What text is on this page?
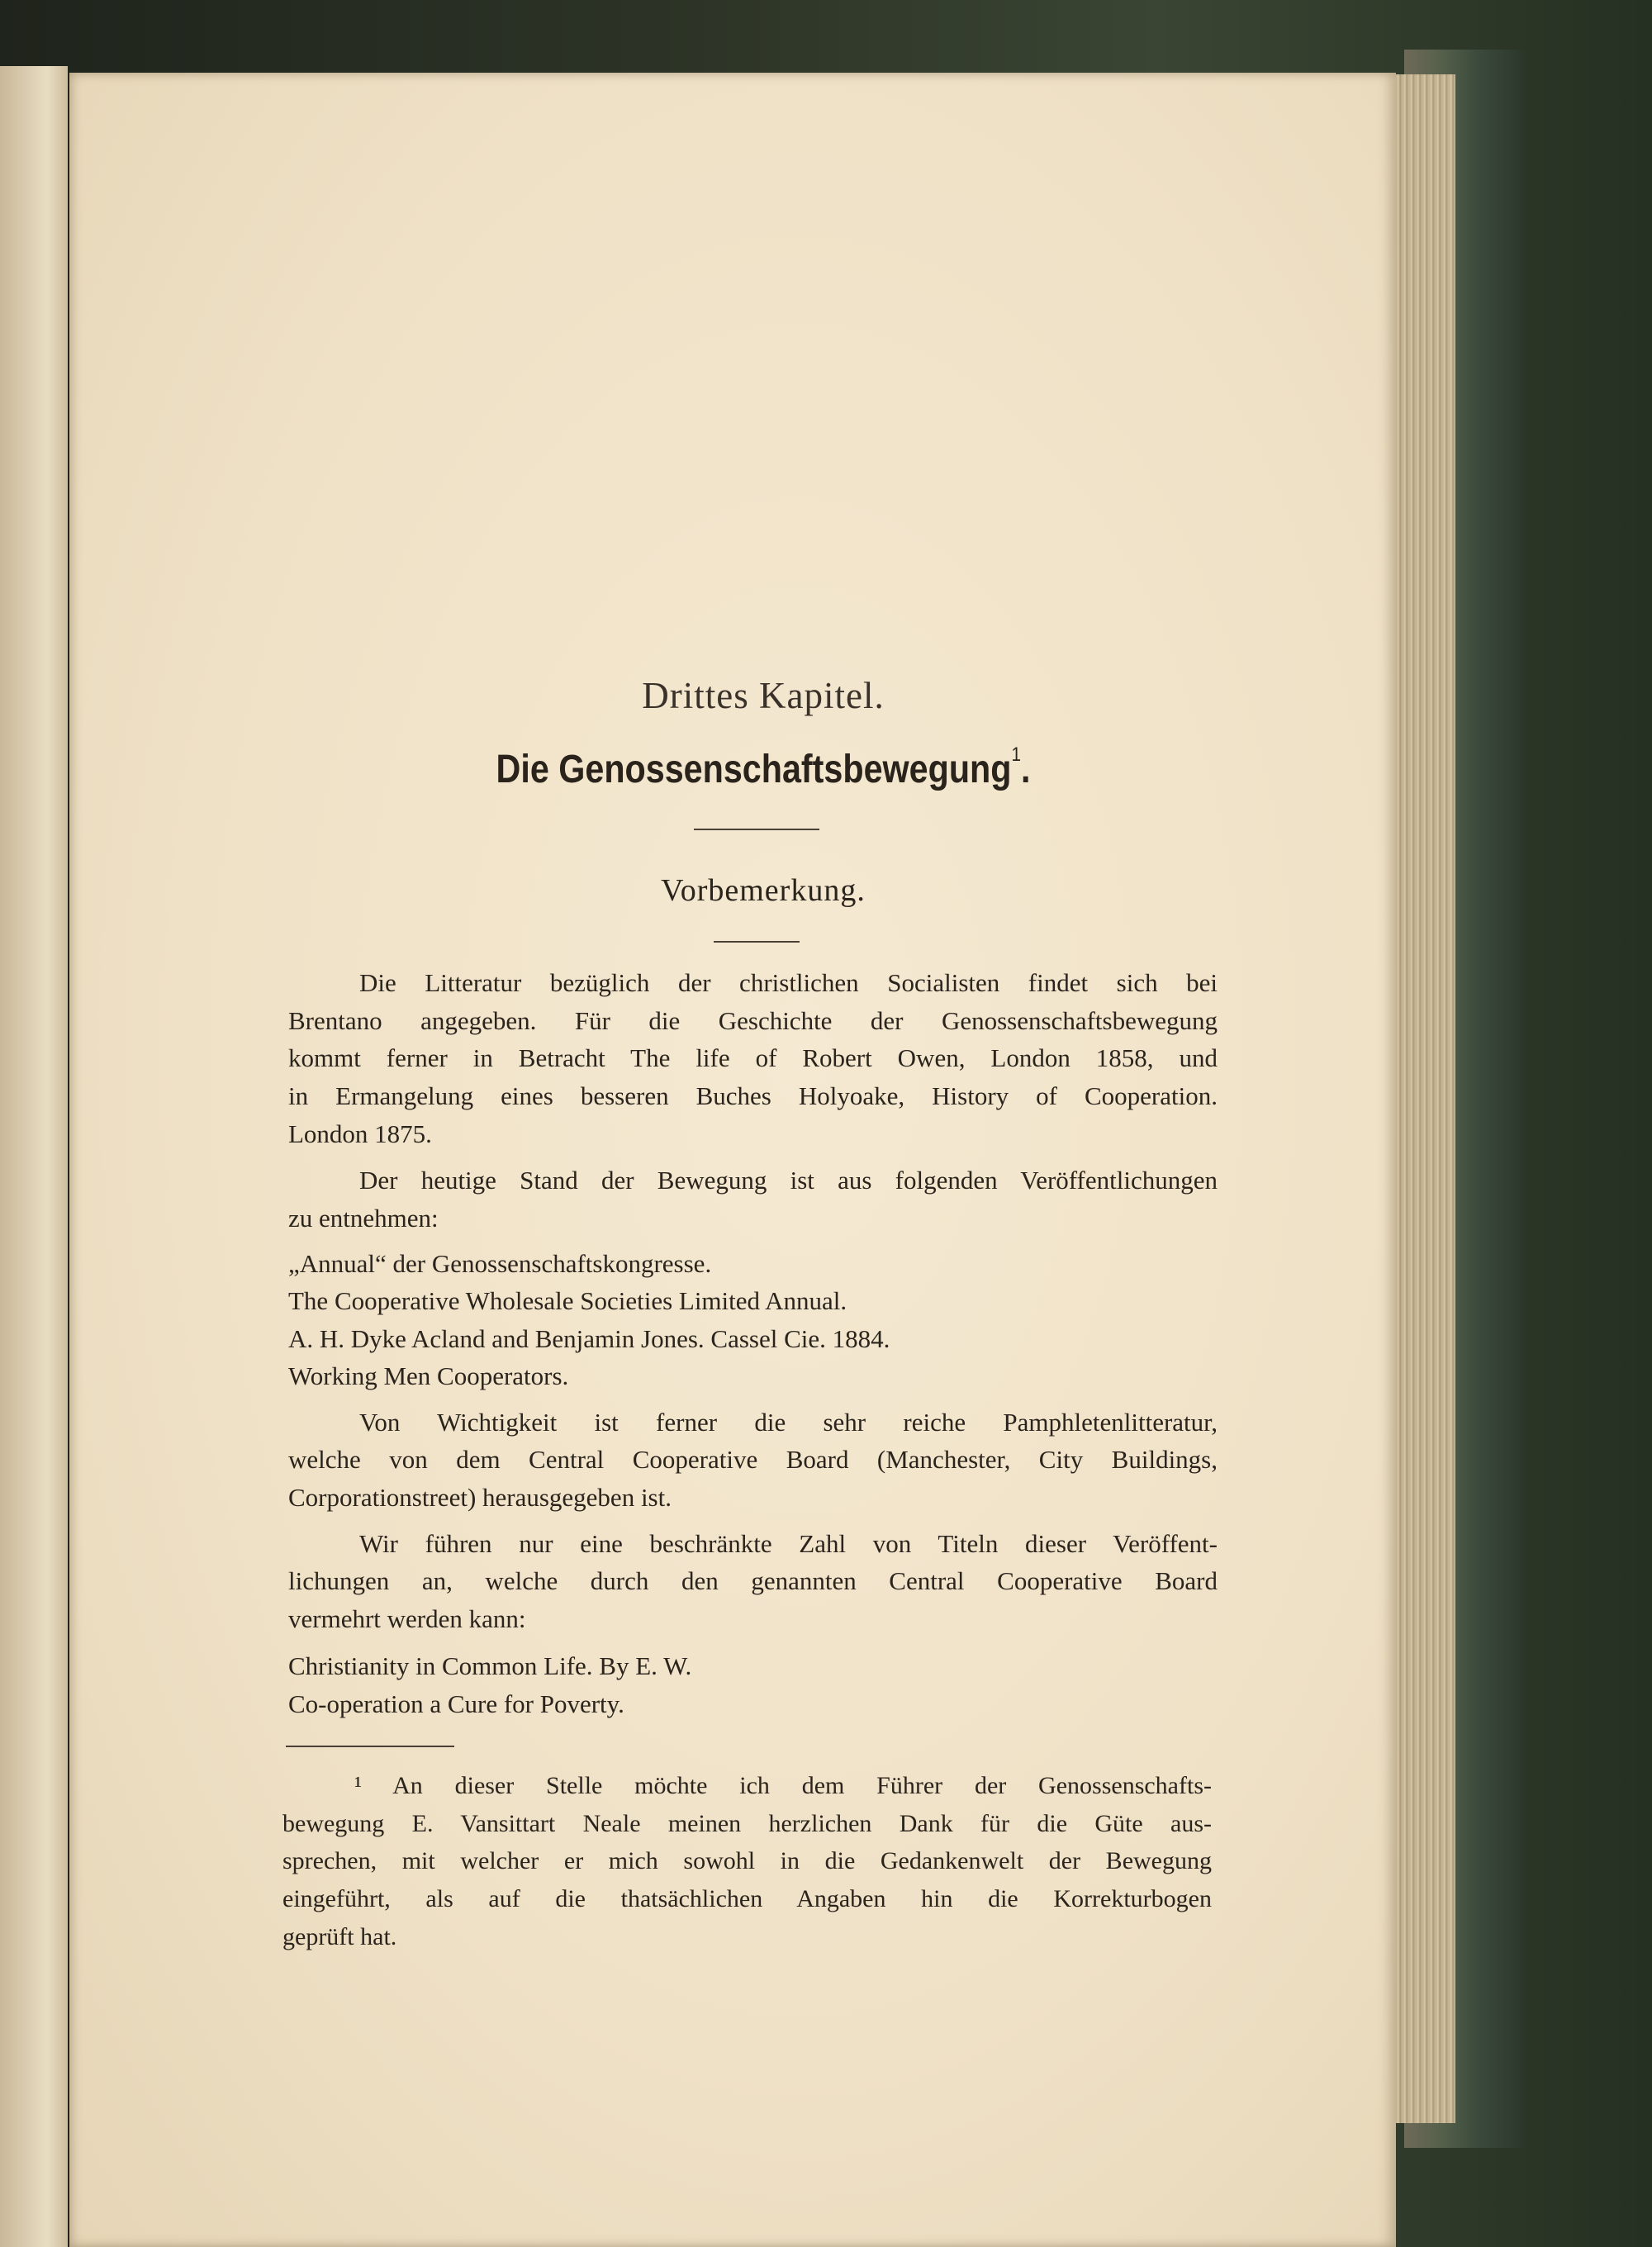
Drittes Kapitel.
Die Genossenschaftsbewegung$^1$.
Vorbemerkung.
Die Litteratur bezüglich der christlichen Socialisten findet sich bei
Brentano angegeben. Für die Geschichte der Genossenschaftsbewegung
kommt ferner in Betracht The life of Robert Owen, London 1858, und
in Ermangelung eines besseren Buches Holyoake, History of Cooperation.
London 1875.
Der heutige Stand der Bewegung ist aus folgenden Veröffentlichungen
zu entnehmen:
„Annual“ der Genossenschaftskongresse.
The Cooperative Wholesale Societies Limited Annual.
A. H. Dyke Acland and Benjamin Jones. Cassel Cie. 1884.
Working Men Cooperators.
Von Wichtigkeit ist ferner die sehr reiche Pamphletenlitteratur,
welche von dem Central Cooperative Board (Manchester, City Buildings,
Corporationstreet) herausgegeben ist.
Wir führen nur eine beschränkte Zahl von Titeln dieser Veröffent-
lichungen an, welche durch den genannten Central Cooperative Board
vermehrt werden kann:
Christianity in Common Life. By E. W.
Co-operation a Cure for Poverty.
¹ An dieser Stelle möchte ich dem Führer der Genossenschafts-
bewegung E. Vansittart Neale meinen herzlichen Dank für die Güte aus-
sprechen, mit welcher er mich sowohl in die Gedankenwelt der Bewegung
eingeführt, als auf die thatsächlichen Angaben hin die Korrekturbogen
geprüft hat.
